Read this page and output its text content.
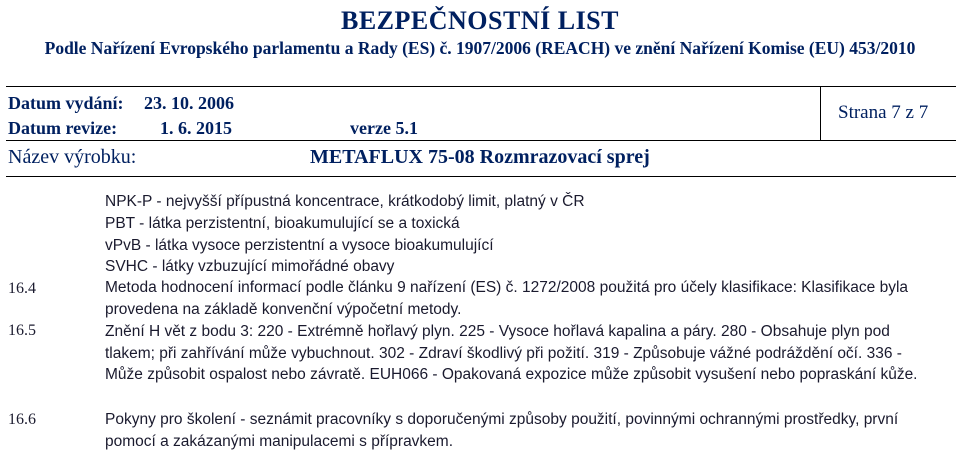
BEZPEČNOSTNÍ LIST
Podle Nařízení Evropského parlamentu a Rady (ES) č. 1907/2006 (REACH) ve znění Nařízení Komise (EU) 453/2010
Datum vydání: 23. 10. 2006
Datum revize: 1. 6. 2015	verze 5.1
Strana 7 z 7
Název výrobku:	METAFLUX 75-08 Rozmrazovací sprej
NPK-P - nejvyšší přípustná koncentrace, krátkodobý limit, platný v ČR
PBT - látka perzistentní, bioakumulující se a toxická
vPvB - látka vysoce perzistentní a vysoce bioakumulující
SVHC - látky vzbuzující mimořádné obavy
16.4	Metoda hodnocení informací podle článku 9 nařízení (ES) č. 1272/2008 použitá pro účely klasifikace: Klasifikace byla provedena na základě konvenční výpočetní metody.
16.5	Znění H vět z bodu 3: 220 - Extrémně hořlavý plyn. 225 - Vysoce hořlavá kapalina a páry. 280 - Obsahuje plyn pod tlakem; při zahřívání může vybuchnout. 302 - Zdraví škodlivý při požití. 319 - Způsobuje vážné podráždění očí. 336 - Může způsobit ospalost nebo závratě. EUH066 - Opakovaná expozice může způsobit vysušení nebo popraskání kůže.
16.6	Pokyny pro školení - seznámit pracovníky s doporučenými způsoby použití, povinnými ochrannými prostředky, první pomocí a zakázanými manipulacemi s přípravkem.
